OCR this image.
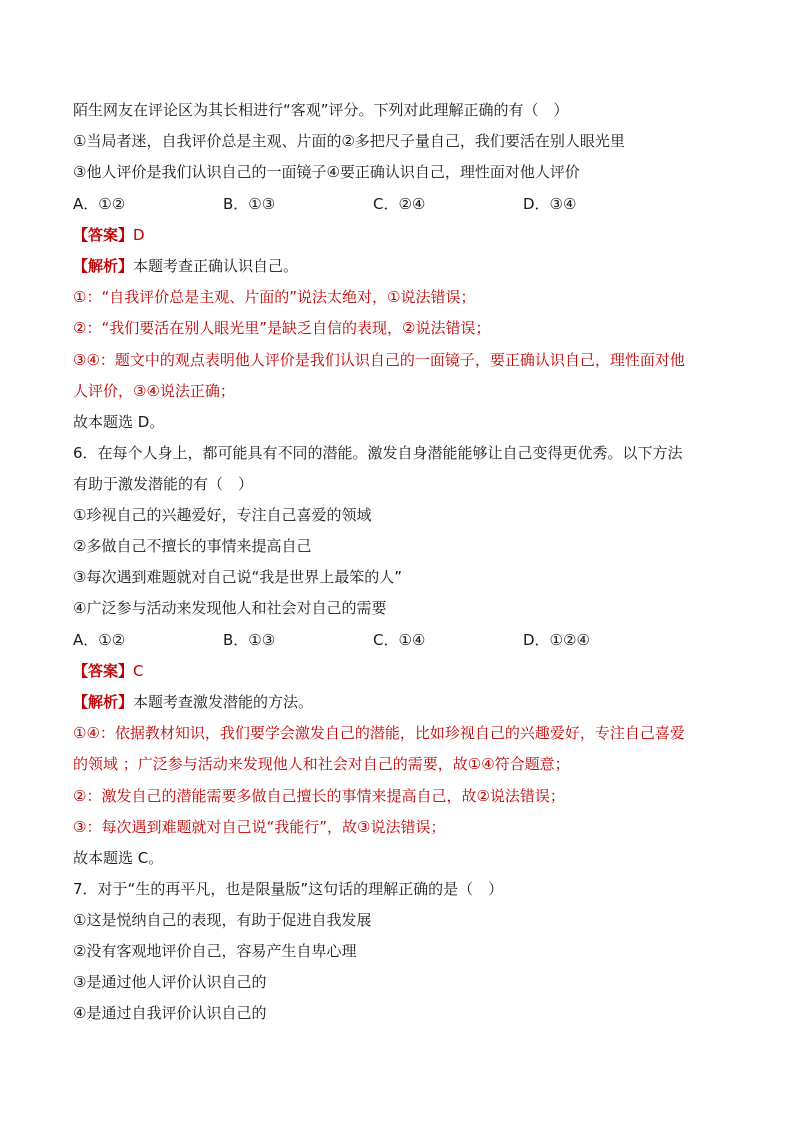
陌生网友在评论区为其长相进行“客观”评分。下列对此理解正确的有（　）
①当局者迷，自我评价总是主观、片面的②多把尺子量自己，我们要活在别人眼光里
③他人评价是我们认识自己的一面镜子④要正确认识自己，理性面对他人评价
A．①②	B．①③	C．②④	D．③④
【答案】D
【解析】本题考查正确认识自己。
①：“自我评价总是主观、片面的”说法太绝对，①说法错误；
②：“我们要活在别人眼光里”是缺乏自信的表现，②说法错误；
③④：题文中的观点表明他人评价是我们认识自己的一面镜子，要正确认识自己，理性面对他
人评价，③④说法正确；
故本题选 D。
6．在每个人身上，都可能具有不同的潜能。激发自身潜能能够让自己变得更优秀。以下方法
有助于激发潜能的有（　）
①珍视自己的兴趣爱好，专注自己喜爱的领域
②多做自己不擅长的事情来提高自己
③每次遇到难题就对自己说“我是世界上最笨的人”
④广泛参与活动来发现他人和社会对自己的需要
A．①②	B．①③	C．①④	D．①②④
【答案】C
【解析】本题考查激发潜能的方法。
①④：依据教材知识，我们要学会激发自己的潜能，比如珍视自己的兴趣爱好，专注自己喜爱
的领域 ；广泛参与活动来发现他人和社会对自己的需要，故①④符合题意；
②：激发自己的潜能需要多做自己擅长的事情来提高自己，故②说法错误；
③：每次遇到难题就对自己说“我能行”，故③说法错误；
故本题选 C。
7．对于“生的再平凡，也是限量版”这句话的理解正确的是（　）
①这是悦纳自己的表现，有助于促进自我发展
②没有客观地评价自己，容易产生自卑心理
③是通过他人评价认识自己的
④是通过自我评价认识自己的
